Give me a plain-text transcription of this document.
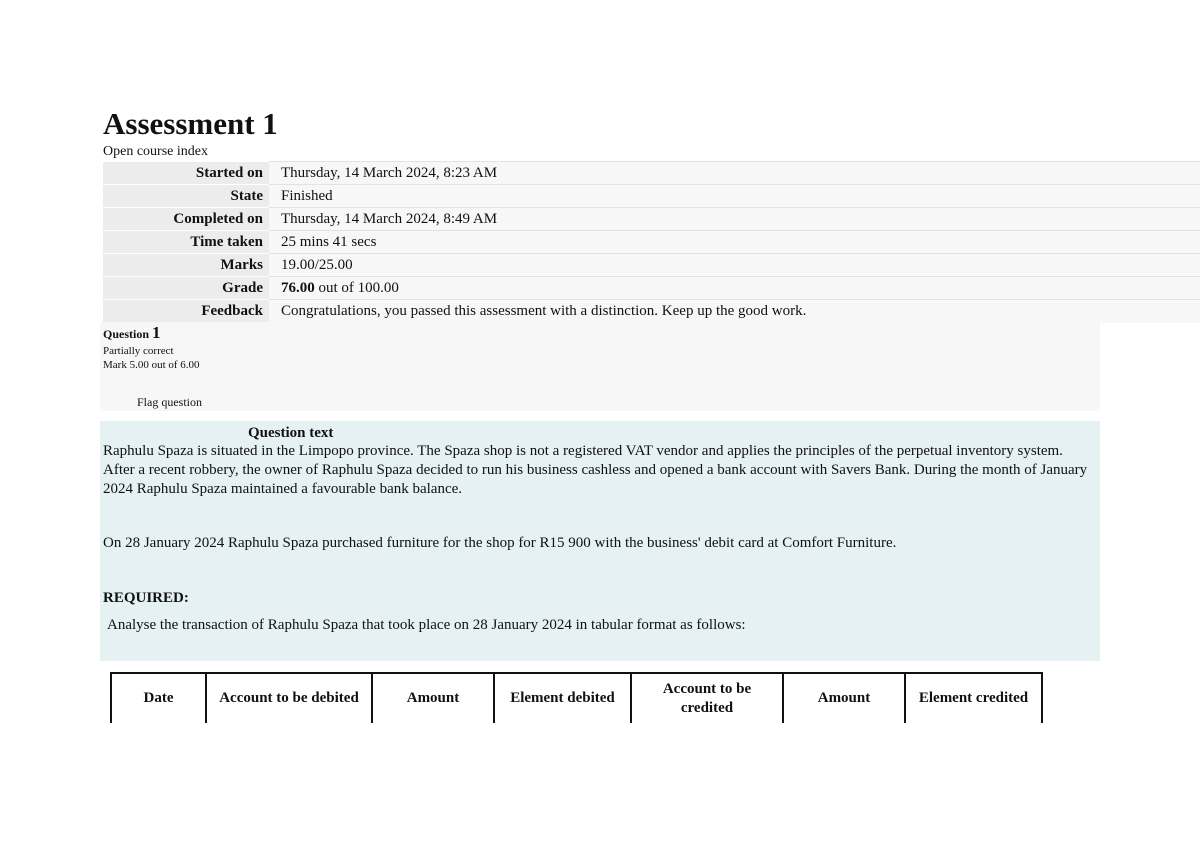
Assessment 1
Open course index
Started on	Thursday, 14 March 2024, 8:23 AM
State	Finished
Completed on	Thursday, 14 March 2024, 8:49 AM
Time taken	25 mins 41 secs
Marks	19.00/25.00
Grade	76.00 out of 100.00
Feedback	Congratulations, you passed this assessment with a distinction. Keep up the good work.
Question 1
Partially correct
Mark 5.00 out of 6.00
Flag question
Question text

Raphulu Spaza is situated in the Limpopo province. The Spaza shop is not a registered VAT vendor and applies the principles of the perpetual inventory system. After a recent robbery, the owner of Raphulu Spaza decided to run his business cashless and opened a bank account with Savers Bank. During the month of January 2024 Raphulu Spaza maintained a favourable bank balance.

On 28 January 2024 Raphulu Spaza purchased furniture for the shop for R15 900 with the business' debit card at Comfort Furniture.

REQUIRED:

Analyse the transaction of Raphulu Spaza that took place on 28 January 2024 in tabular format as follows:

Date	Account to be debited	Amount	Element debited	Account to be credited	Amount	Element credited
